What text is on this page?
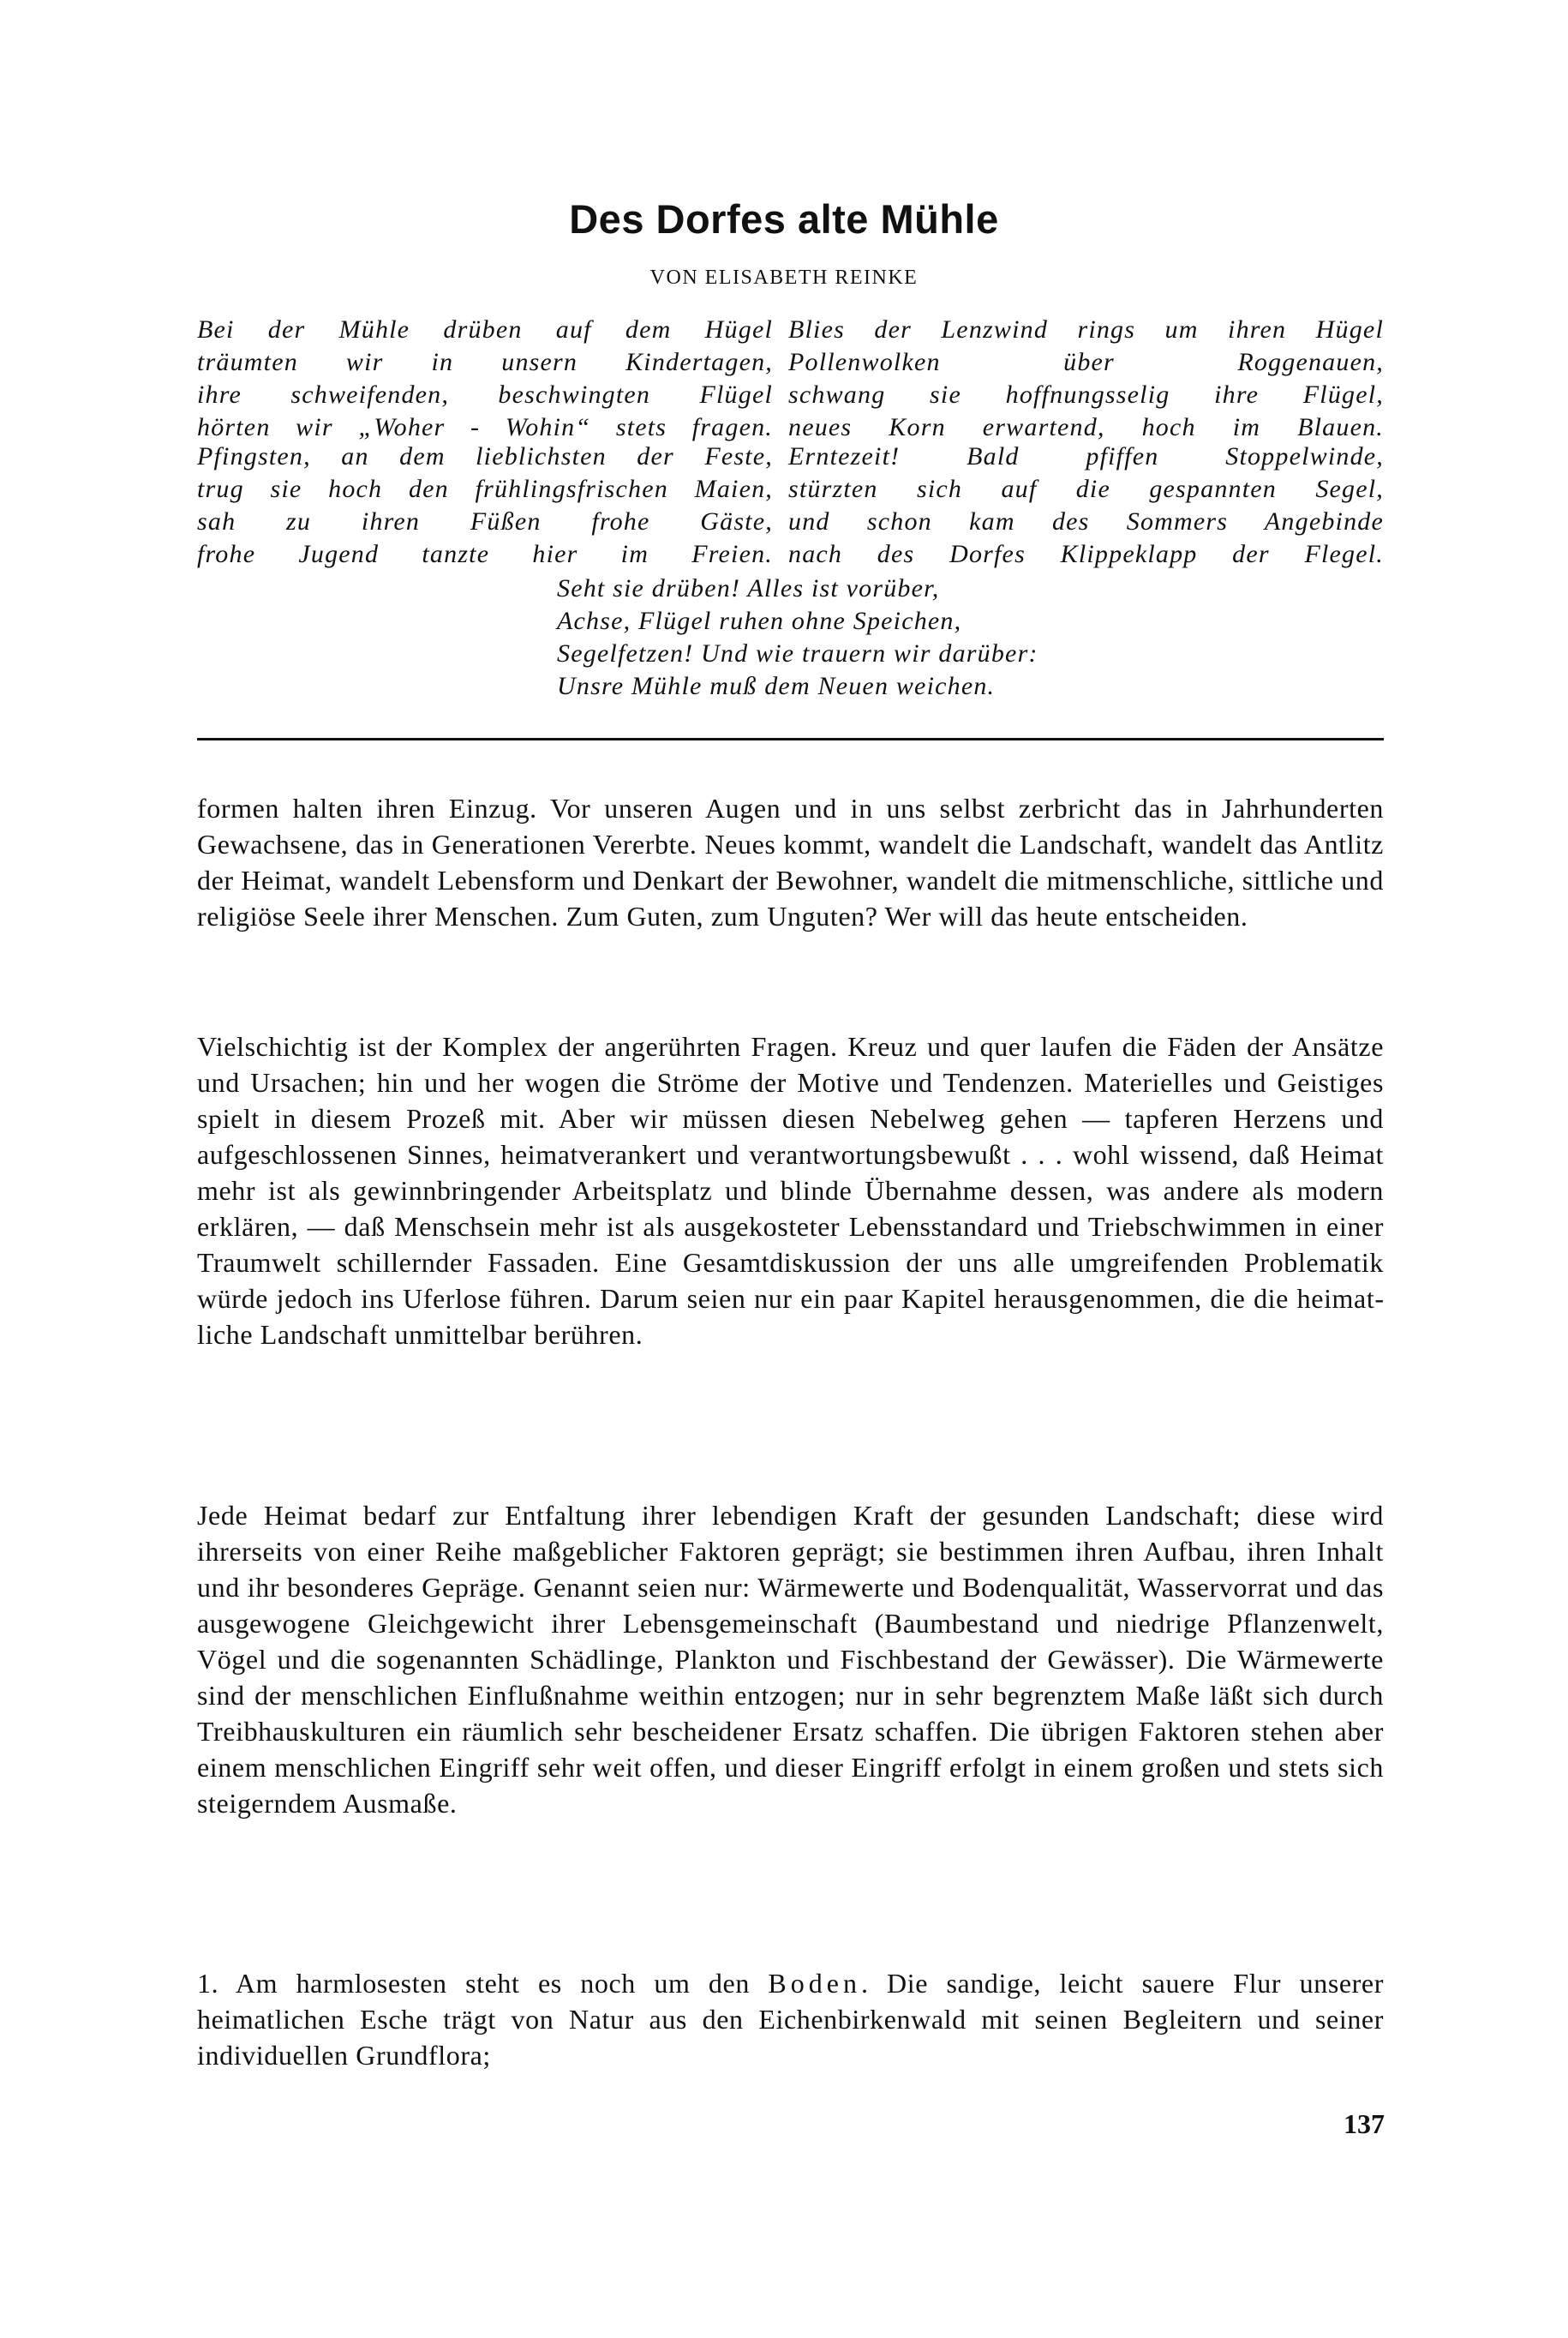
Des Dorfes alte Mühle
VON ELISABETH REINKE
Bei der Mühle drüben auf dem Hügel
träumten wir in unsern Kindertagen,
ihre schweifenden, beschwingten Flügel
hörten wir „Woher - Wohin“ stets fragen.
Blies der Lenzwind rings um ihren Hügel
Pollenwolken über Roggenauen,
schwang sie hoffnungsselig ihre Flügel,
neues Korn erwartend, hoch im Blauen.
Pfingsten, an dem lieblichsten der Feste,
trug sie hoch den frühlingsfrischen Maien,
sah zu ihren Füßen frohe Gäste,
frohe Jugend tanzte hier im Freien.
Erntezeit! Bald pfiffen Stoppelwinde,
stürzten sich auf die gespannten Segel,
und schon kam des Sommers Angebinde
nach des Dorfes Klippeklapp der Flegel.
Seht sie drüben! Alles ist vorüber,
Achse, Flügel ruhen ohne Speichen,
Segelfetzen! Und wie trauern wir darüber:
Unsre Mühle muß dem Neuen weichen.

formen halten ihren Einzug. Vor unseren Augen und in uns selbst zerbricht das in Jahrhunderten Gewachsene, das in Generationen Vererbte. Neues kommt, wandelt die Landschaft, wandelt das Antlitz der Heimat, wandelt Lebensform und Denkart der Bewohner, wandelt die mitmenschliche, sittliche und religiöse Seele ihrer Menschen. Zum Guten, zum Unguten? Wer will das heute entscheiden.

Vielschichtig ist der Komplex der angerührten Fragen. Kreuz und quer laufen die Fäden der Ansätze und Ursachen; hin und her wogen die Ströme der Motive und Tendenzen. Materielles und Geistiges spielt in diesem Prozeß mit. Aber wir müssen diesen Nebelweg gehen — tapferen Herzens und aufgeschlossenen Sinnes, heimatverankert und verantwortungsbewußt . . . wohl wissend, daß Heimat mehr ist als gewinnbringender Arbeitsplatz und blinde Übernahme dessen, was andere als modern erklären, — daß Menschsein mehr ist als ausgekosteter Lebensstandard und Triebschwimmen in einer Traumwelt schillernder Fassaden. Eine Gesamtdiskussion der uns alle umgreifenden Problematik würde jedoch ins Uferlose führen. Darum seien nur ein paar Kapitel herausgenommen, die die heimatliche Landschaft unmittelbar berühren.

Jede Heimat bedarf zur Entfaltung ihrer lebendigen Kraft der gesunden Landschaft; diese wird ihrerseits von einer Reihe maßgeblicher Faktoren geprägt; sie bestimmen ihren Aufbau, ihren Inhalt und ihr besonderes Gepräge. Genannt seien nur: Wärmewerte und Bodenqualität, Wasservorrat und das ausgewogene Gleichgewicht ihrer Lebensgemeinschaft (Baumbestand und niedrige Pflanzenwelt, Vögel und die sogenannten Schädlinge, Plankton und Fischbestand der Gewässer). Die Wärmewerte sind der menschlichen Einflußnahme weithin entzogen; nur in sehr begrenztem Maße läßt sich durch Treibhauskulturen ein räumlich sehr bescheidener Ersatz schaffen. Die übrigen Faktoren stehen aber einem menschlichen Eingriff sehr weit offen, und dieser Eingriff erfolgt in einem großen und stets sich steigerndem Ausmaße.

1. Am harmlosesten steht es noch um den Boden. Die sandige, leicht sauere Flur unserer heimatlichen Esche trägt von Natur aus den Eichenbirkenwald mit seinen Begleitern und seiner individuellen Grundflora;

137
